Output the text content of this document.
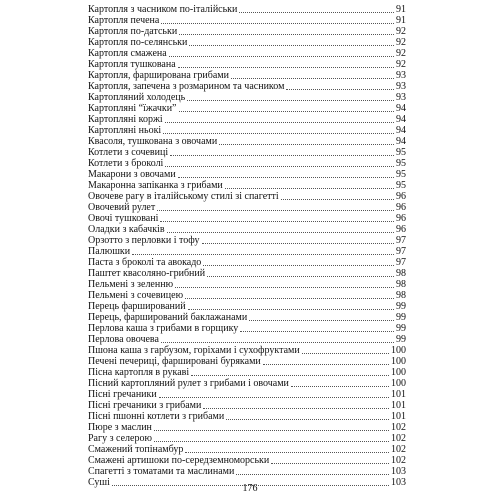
Картопля з часником по-італійськи	91
Картопля печена	91
Картопля по-датськи	92
Картопля по-селянськи	92
Картопля смажена	92
Картопля тушкована	92
Картопля, фарширована грибами	93
Картопля, запечена з розмарином та часником	93
Картопляний холодець	93
Картопляні “їжачки”	94
Картопляні коржі	94
Картопляні ньокі	94
Квасоля, тушкована з овочами	94
Котлети з сочевиці	95
Котлети з броколі	95
Макарони з овочами	95
Макаронна запіканка з грибами	95
Овочеве рагу в італійському стилі зі спагетті	96
Овочевий рулет	96
Овочі тушковані	96
Оладки з кабачків	96
Орзотто з перловки і тофу	97
Палюшки	97
Паста з броколі та авокадо	97
Паштет квасоляно-грибний	98
Пельмені з зеленню	98
Пельмені з сочевицею	98
Перець фарширований	99
Перець, фарширований баклажанами	99
Перлова каша з грибами в горщику	99
Перлова овочева	99
Пшона каша з гарбузом, горіхами і сухофруктами	100
Печені печериці, фаршировані буряками	100
Пісна картопля в рукаві	100
Пісний картопляний рулет з грибами і овочами	100
Пісні гречаники	101
Пісні гречаники з грибами	101
Пісні пшонні котлети з грибами	101
Пюре з маслин	102
Рагу з селерою	102
Смажений топінамбур	102
Смажені артишоки по-середземноморськи	102
Спагетті з томатами та маслинами	103
Суші	103
176
